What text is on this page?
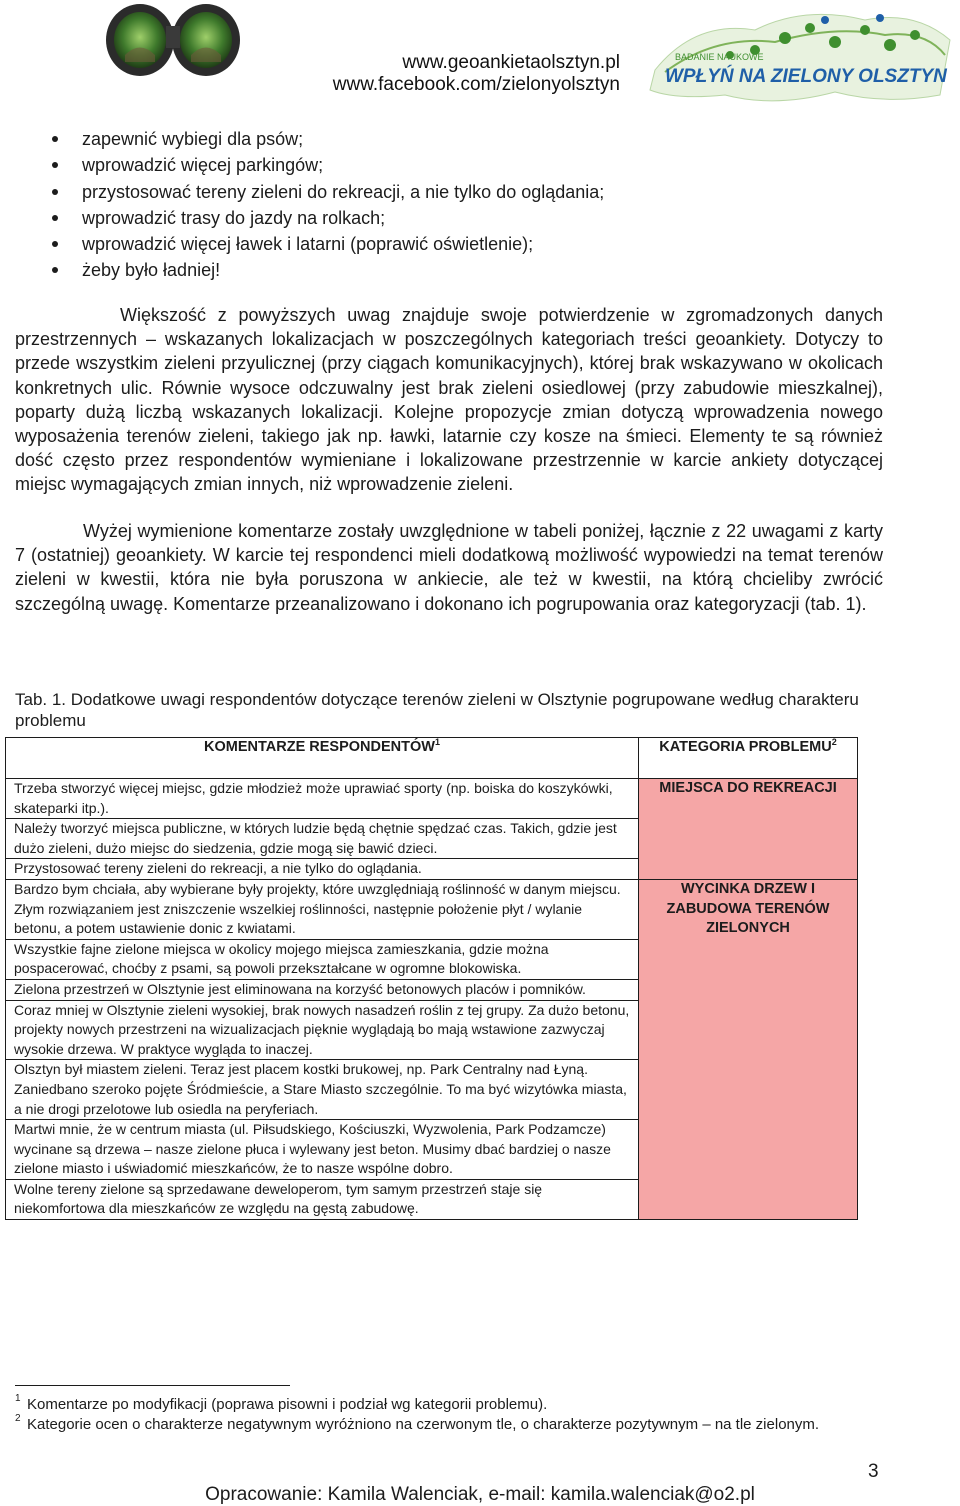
www.geoankietaolsztyn.pl
www.facebook.com/zielonyolsztyn
BADANIE NAUKOWE
WPŁYŃ NA ZIELONY OLSZTYN
zapewnić wybiegi dla psów;
wprowadzić więcej parkingów;
przystosować tereny zieleni do rekreacji, a nie tylko do oglądania;
wprowadzić trasy do jazdy na rolkach;
wprowadzić więcej ławek i latarni (poprawić oświetlenie);
żeby było ładniej!

Większość z powyższych uwag znajduje swoje potwierdzenie w zgromadzonych danych przestrzennych – wskazanych lokalizacjach w poszczególnych kategoriach treści geoankiety. Dotyczy to przede wszystkim zieleni przyulicznej (przy ciągach komunikacyjnych), której brak wskazywano w okolicach konkretnych ulic. Równie wysoce odczuwalny jest brak zieleni osiedlowej (przy zabudowie mieszkalnej), poparty dużą liczbą wskazanych lokalizacji. Kolejne propozycje zmian dotyczą wprowadzenia nowego wyposażenia terenów zieleni, takiego jak np. ławki, latarnie czy kosze na śmieci. Elementy te są również dość często przez respondentów wymieniane i lokalizowane przestrzennie w karcie ankiety dotyczącej miejsc wymagających zmian innych, niż wprowadzenie zieleni.

Wyżej wymienione komentarze zostały uwzględnione w tabeli poniżej, łącznie z 22 uwagami z karty 7 (ostatniej) geoankiety. W karcie tej respondenci mieli dodatkową możliwość wypowiedzi na temat terenów zieleni w kwestii, która nie była poruszona w ankiecie, ale też w kwestii, na którą chcieliby zwrócić szczególną uwagę. Komentarze przeanalizowano i dokonano ich pogrupowania oraz kategoryzacji (tab. 1).

Tab. 1. Dodatkowe uwagi respondentów dotyczące terenów zieleni w Olsztynie pogrupowane według charakteru problemu

KOMENTARZE RESPONDENTÓW$^1$	KATEGORIA PROBLEMU$^2$
Trzeba stworzyć więcej miejsc, gdzie młodzież może uprawiać sporty (np. boiska do koszykówki, skateparki itp.).	MIEJSCA DO REKREACJI
Należy tworzyć miejsca publiczne, w których ludzie będą chętnie spędzać czas. Takich, gdzie jest dużo zieleni, dużo miejsc do siedzenia, gdzie mogą się bawić dzieci.	
Przystosować tereny zieleni do rekreacji, a nie tylko do oglądania.	
Bardzo bym chciała, aby wybierane były projekty, które uwzględniają roślinność w danym miejscu. Złym rozwiązaniem jest zniszczenie wszelkiej roślinności, następnie położenie płyt / wylanie betonu, a potem ustawienie donic z kwiatami.	WYCINKA DRZEW I ZABUDOWA TERENÓW ZIELONYCH
Wszystkie fajne zielone miejsca w okolicy mojego miejsca zamieszkania, gdzie można pospacerować, choćby z psami, są powoli przekształcane w ogromne blokowiska.	
Zielona przestrzeń w Olsztynie jest eliminowana na korzyść betonowych placów i pomników.	
Coraz mniej w Olsztynie zieleni wysokiej, brak nowych nasadzeń roślin z tej grupy. Za dużo betonu, projekty nowych przestrzeni na wizualizacjach pięknie wyglądają bo mają wstawione zazwyczaj wysokie drzewa. W praktyce wygląda to inaczej.	
Olsztyn był miastem zieleni. Teraz jest placem kostki brukowej, np. Park Centralny nad Łyną. Zaniedbano szeroko pojęte Śródmieście, a Stare Miasto szczególnie. To ma być wizytówka miasta, a nie drogi przelotowe lub osiedla na peryferiach.	
Martwi mnie, że w centrum miasta (ul. Piłsudskiego, Kościuszki, Wyzwolenia, Park Podzamcze) wycinane są drzewa – nasze zielone płuca i wylewany jest beton. Musimy dbać bardziej o nasze zielone miasto i uświadomić mieszkańców, że to nasze wspólne dobro.	
Wolne tereny zielone są sprzedawane deweloperom, tym samym przestrzeń staje się niekomfortowa dla mieszkańców ze względu na gęstą zabudowę.	

1 Komentarze po modyfikacji (poprawa pisowni i podział wg kategorii problemu).

2 Kategorie ocen o charakterze negatywnym wyróżniono na czerwonym tle, o charakterze pozytywnym – na tle zielonym.

3
Opracowanie: Kamila Walenciak, e-mail: kamila.walenciak@o2.pl
